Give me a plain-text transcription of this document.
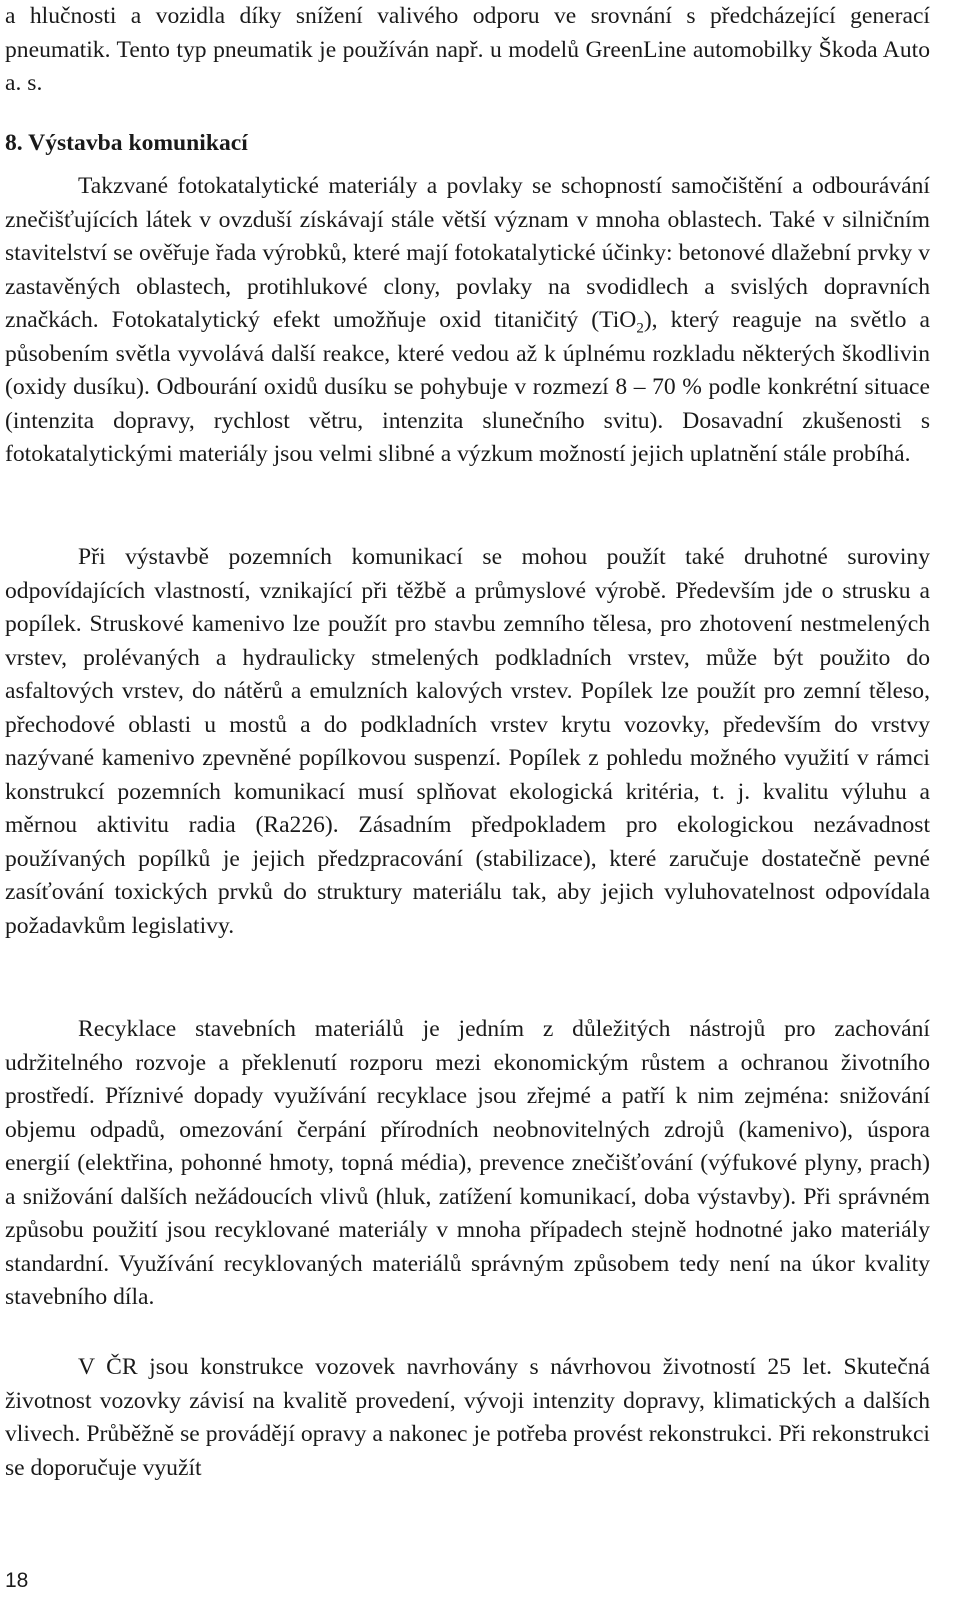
a hlučnosti a vozidla díky snížení valivého odporu ve srovnání s předcházející generací pneumatik. Tento typ pneumatik je používán např. u modelů GreenLine automobilky Škoda Auto a. s.

8. Výstavba komunikací

Takzvané fotokatalytické materiály a povlaky se schopností samočištění a odbourávání znečišťujících látek v ovzduší získávají stále větší význam v mnoha oblastech. Také v silničním stavitelství se ověřuje řada výrobků, které mají fotokatalytické účinky: betonové dlažební prvky v zastavěných oblastech, protihlukové clony, povlaky na svodidlech a svislých dopravních značkách. Fotokatalytický efekt umožňuje oxid titaničitý (TiO$_2$), který reaguje na světlo a působením světla vyvolává další reakce, které vedou až k úplnému rozkladu některých škodlivin (oxidy dusíku). Odbourání oxidů dusíku se pohybuje v rozmezí 8 – 70 % podle konkrétní situace (intenzita dopravy, rychlost větru, intenzita slunečního svitu). Dosavadní zkušenosti s fotokatalytickými materiály jsou velmi slibné a výzkum možností jejich uplatnění stále probíhá.

Při výstavbě pozemních komunikací se mohou použít také druhotné suroviny odpovídajících vlastností, vznikající při těžbě a průmyslové výrobě. Především jde o strusku a popílek. Struskové kamenivo lze použít pro stavbu zemního tělesa, pro zhotovení nestmelených vrstev, prolévaných a hydraulicky stmelených podkladních vrstev, může být použito do asfaltových vrstev, do nátěrů a emulzních kalových vrstev. Popílek lze použít pro zemní těleso, přechodové oblasti u mostů a do podkladních vrstev krytu vozovky, především do vrstvy nazývané kamenivo zpevněné popílkovou suspenzí. Popílek z pohledu možného využití v rámci konstrukcí pozemních komunikací musí splňovat ekologická kritéria, t. j. kvalitu výluhu a měrnou aktivitu radia (Ra226). Zásadním předpokladem pro ekologickou nezávadnost používaných popílků je jejich předzpracování (stabilizace), které zaručuje dostatečně pevné zasíťování toxických prvků do struktury materiálu tak, aby jejich vyluhovatelnost odpovídala požadavkům legislativy.

Recyklace stavebních materiálů je jedním z důležitých nástrojů pro zachování udržitelného rozvoje a překlenutí rozporu mezi ekonomickým růstem a ochranou životního prostředí. Příznivé dopady využívání recyklace jsou zřejmé a patří k nim zejména: snižování objemu odpadů, omezování čerpání přírodních neobnovitelných zdrojů (kamenivo), úspora energií (elektřina, pohonné hmoty, topná média), prevence znečišťování (výfukové plyny, prach) a snižování dalších nežádoucích vlivů (hluk, zatížení komunikací, doba výstavby). Při správném způsobu použití jsou recyklované materiály v mnoha případech stejně hodnotné jako materiály standardní. Využívání recyklovaných materiálů správným způsobem tedy není na úkor kvality stavebního díla.

V ČR jsou konstrukce vozovek navrhovány s návrhovou životností 25 let. Skutečná životnost vozovky závisí na kvalitě provedení, vývoji intenzity dopravy, klimatických a dalších vlivech. Průběžně se provádějí opravy a nakonec je potřeba provést rekonstrukci. Při rekonstrukci se doporučuje využít

18
